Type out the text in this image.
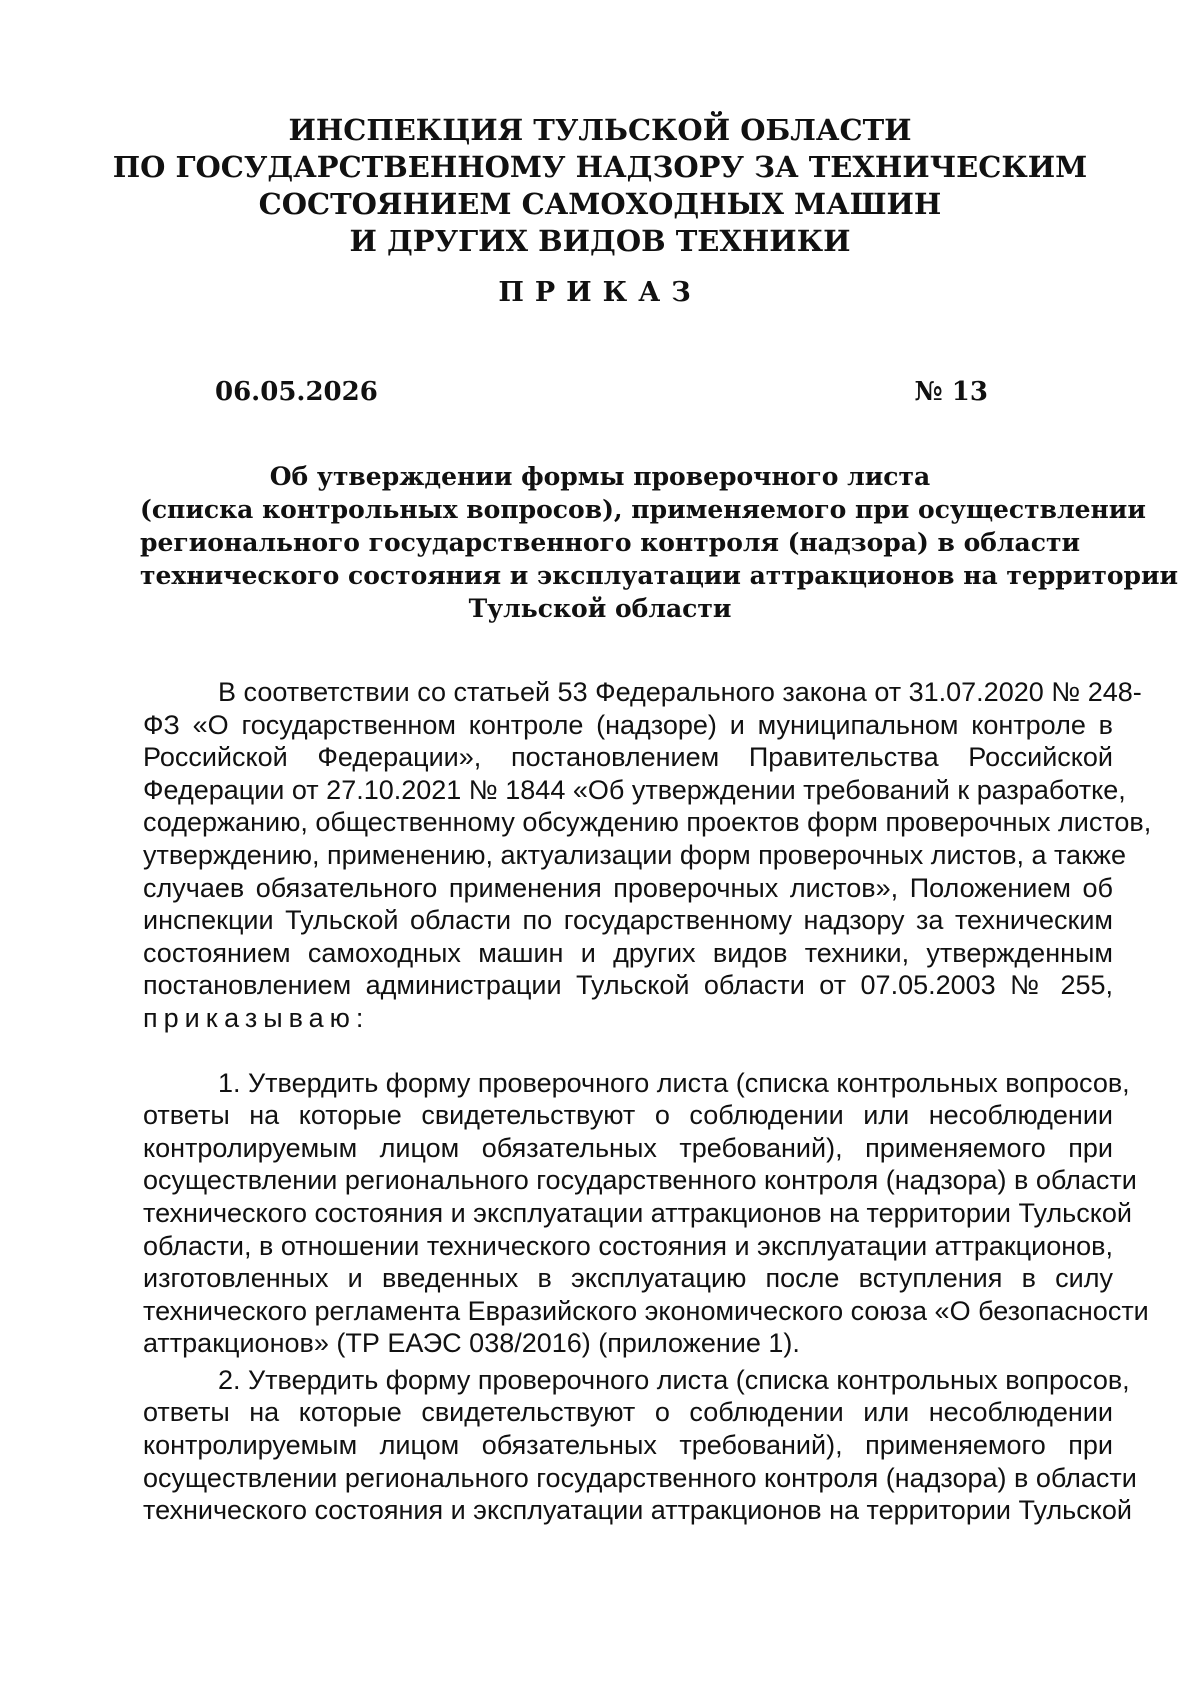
ИНСПЕКЦИЯ ТУЛЬСКОЙ ОБЛАСТИ
ПО ГОСУДАРСТВЕННОМУ НАДЗОРУ ЗА ТЕХНИЧЕСКИМ
СОСТОЯНИЕМ САМОХОДНЫХ МАШИН
И ДРУГИХ ВИДОВ ТЕХНИКИ
ПРИКАЗ
06.05.2026	№ 13
Об утверждении формы проверочного листа
(списка контрольных вопросов), применяемого при осуществлении
регионального государственного контроля (надзора) в области
технического состояния и эксплуатации аттракционов на территории
Тульской области
В соответствии со статьей 53 Федерального закона от 31.07.2020 № 248-
ФЗ «О государственном контроле (надзоре) и муниципальном контроле в
Российской Федерации», постановлением Правительства Российской
Федерации от 27.10.2021 № 1844 «Об утверждении требований к разработке,
содержанию, общественному обсуждению проектов форм проверочных листов,
утверждению, применению, актуализации форм проверочных листов, а также
случаев обязательного применения проверочных листов», Положением об
инспекции Тульской области по государственному надзору за техническим
состоянием самоходных машин и других видов техники, утвержденным
постановлением администрации Тульской области от 07.05.2003 № 255,
приказываю:
1. Утвердить форму проверочного листа (списка контрольных вопросов,
ответы на которые свидетельствуют о соблюдении или несоблюдении
контролируемым лицом обязательных требований), применяемого при
осуществлении регионального государственного контроля (надзора) в области
технического состояния и эксплуатации аттракционов на территории Тульской
области, в отношении технического состояния и эксплуатации аттракционов,
изготовленных и введенных в эксплуатацию после вступления в силу
технического регламента Евразийского экономического союза «О безопасности
аттракционов» (ТР ЕАЭС 038/2016) (приложение 1).
2. Утвердить форму проверочного листа (списка контрольных вопросов,
ответы на которые свидетельствуют о соблюдении или несоблюдении
контролируемым лицом обязательных требований), применяемого при
осуществлении регионального государственного контроля (надзора) в области
технического состояния и эксплуатации аттракционов на территории Тульской
